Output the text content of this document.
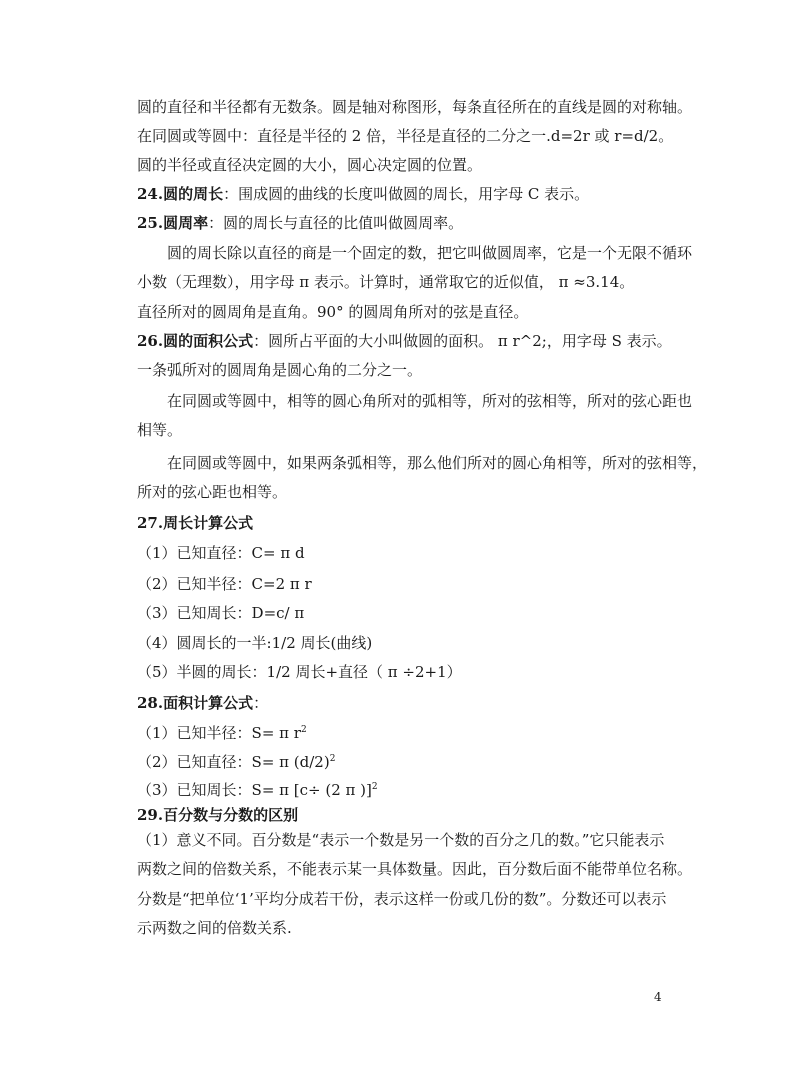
圆的直径和半径都有无数条。圆是轴对称图形，每条直径所在的直线是圆的对称轴。
在同圆或等圆中：直径是半径的 2 倍，半径是直径的二分之一.d=2r 或 r=d/2。
圆的半径或直径决定圆的大小，圆心决定圆的位置。
24.圆的周长：围成圆的曲线的长度叫做圆的周长，用字母 C 表示。
25.圆周率：圆的周长与直径的比值叫做圆周率。
圆的周长除以直径的商是一个固定的数，把它叫做圆周率，它是一个无限不循环
小数（无理数），用字母 π 表示。计算时，通常取它的近似值， π ≈3.14。
直径所对的圆周角是直角。90° 的圆周角所对的弦是直径。
26.圆的面积公式：圆所占平面的大小叫做圆的面积。 π r^2;，用字母 S 表示。
一条弧所对的圆周角是圆心角的二分之一。
在同圆或等圆中，相等的圆心角所对的弧相等，所对的弦相等，所对的弦心距也
相等。
在同圆或等圆中，如果两条弧相等，那么他们所对的圆心角相等，所对的弦相等，
所对的弦心距也相等。
27.周长计算公式
（1）已知直径：C= π d
（2）已知半径：C=2 π r
（3）已知周长：D=c/ π
（4）圆周长的一半:1/2 周长(曲线)
（5）半圆的周长：1/2 周长+直径（ π ÷2+1）
28.面积计算公式：
（1）已知半径：S= π $r^2$
（2）已知直径：S= π $(d/2)^2$
（3）已知周长：S= π [c÷ (2 π )]$^2$
29.百分数与分数的区别
（1）意义不同。百分数是“表示一个数是另一个数的百分之几的数。”它只能表示
两数之间的倍数关系，不能表示某一具体数量。因此，百分数后面不能带单位名称。
分数是“把单位‘1’平均分成若干份，表示这样一份或几份的数”。分数还可以表示
示两数之间的倍数关系.
4
